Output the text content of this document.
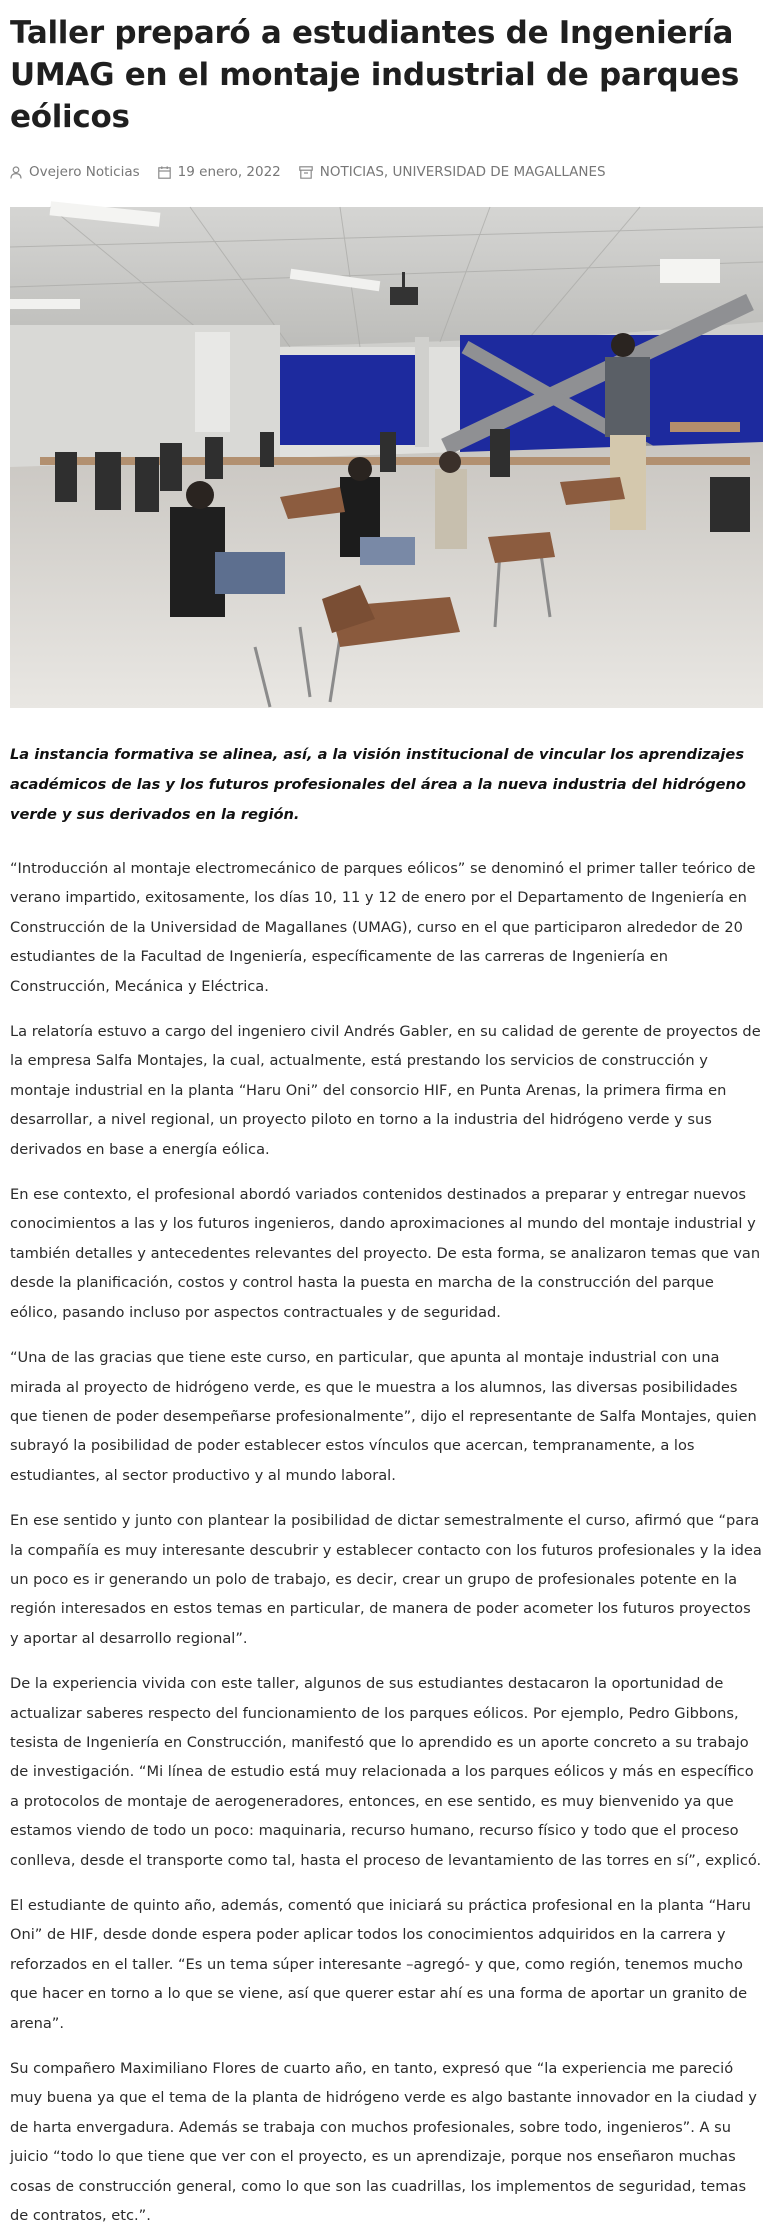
Taller preparó a estudiantes de Ingeniería UMAG en el montaje industrial de parques eólicos
Ovejero Noticias	19 enero, 2022	NOTICIAS, UNIVERSIDAD DE MAGALLANES

La instancia formativa se alinea, así, a la visión institucional de vincular los aprendizajes académicos de las y los futuros profesionales del área a la nueva industria del hidrógeno verde y sus derivados en la región.

“Introducción al montaje electromecánico de parques eólicos” se denominó el primer taller teórico de verano impartido, exitosamente, los días 10, 11 y 12 de enero por el Departamento de Ingeniería en Construcción de la Universidad de Magallanes (UMAG), curso en el que participaron alrededor de 20 estudiantes de la Facultad de Ingeniería, específicamente de las carreras de Ingeniería en Construcción, Mecánica y Eléctrica.

La relatoría estuvo a cargo del ingeniero civil Andrés Gabler, en su calidad de gerente de proyectos de la empresa Salfa Montajes, la cual, actualmente, está prestando los servicios de construcción y montaje industrial en la planta “Haru Oni” del consorcio HIF, en Punta Arenas, la primera firma en desarrollar, a nivel regional, un proyecto piloto en torno a la industria del hidrógeno verde y sus derivados en base a energía eólica.

En ese contexto, el profesional abordó variados contenidos destinados a preparar y entregar nuevos conocimientos a las y los futuros ingenieros, dando aproximaciones al mundo del montaje industrial y también detalles y antecedentes relevantes del proyecto. De esta forma, se analizaron temas que van desde la planificación, costos y control hasta la puesta en marcha de la construcción del parque eólico, pasando incluso por aspectos contractuales y de seguridad.

“Una de las gracias que tiene este curso, en particular, que apunta al montaje industrial con una mirada al proyecto de hidrógeno verde, es que le muestra a los alumnos, las diversas posibilidades que tienen de poder desempeñarse profesionalmente”, dijo el representante de Salfa Montajes, quien subrayó la posibilidad de poder establecer estos vínculos que acercan, tempranamente, a los estudiantes, al sector productivo y al mundo laboral.

En ese sentido y junto con plantear la posibilidad de dictar semestralmente el curso, afirmó que “para la compañía es muy interesante descubrir y establecer contacto con los futuros profesionales y la idea un poco es ir generando un polo de trabajo, es decir, crear un grupo de profesionales potente en la región interesados en estos temas en particular, de manera de poder acometer los futuros proyectos y aportar al desarrollo regional”.

De la experiencia vivida con este taller, algunos de sus estudiantes destacaron la oportunidad de actualizar saberes respecto del funcionamiento de los parques eólicos. Por ejemplo, Pedro Gibbons, tesista de Ingeniería en Construcción, manifestó que lo aprendido es un aporte concreto a su trabajo de investigación. “Mi línea de estudio está muy relacionada a los parques eólicos y más en específico a protocolos de montaje de aerogeneradores, entonces, en ese sentido, es muy bienvenido ya que estamos viendo de todo un poco: maquinaria, recurso humano, recurso físico y todo que el proceso conlleva, desde el transporte como tal, hasta el proceso de levantamiento de las torres en sí”, explicó.

El estudiante de quinto año, además, comentó que iniciará su práctica profesional en la planta “Haru Oni” de HIF, desde donde espera poder aplicar todos los conocimientos adquiridos en la carrera y reforzados en el taller. “Es un tema súper interesante –agregó- y que, como región, tenemos mucho que hacer en torno a lo que se viene, así que querer estar ahí es una forma de aportar un granito de arena”.

Su compañero Maximiliano Flores de cuarto año, en tanto, expresó que “la experiencia me pareció muy buena ya que el tema de la planta de hidrógeno verde es algo bastante innovador en la ciudad y de harta envergadura. Además se trabaja con muchos profesionales, sobre todo, ingenieros”. A su juicio “todo lo que tiene que ver con el proyecto, es un aprendizaje, porque nos enseñaron muchas cosas de construcción general, como lo que son las cuadrillas, los implementos de seguridad, temas de contratos, etc.”.
